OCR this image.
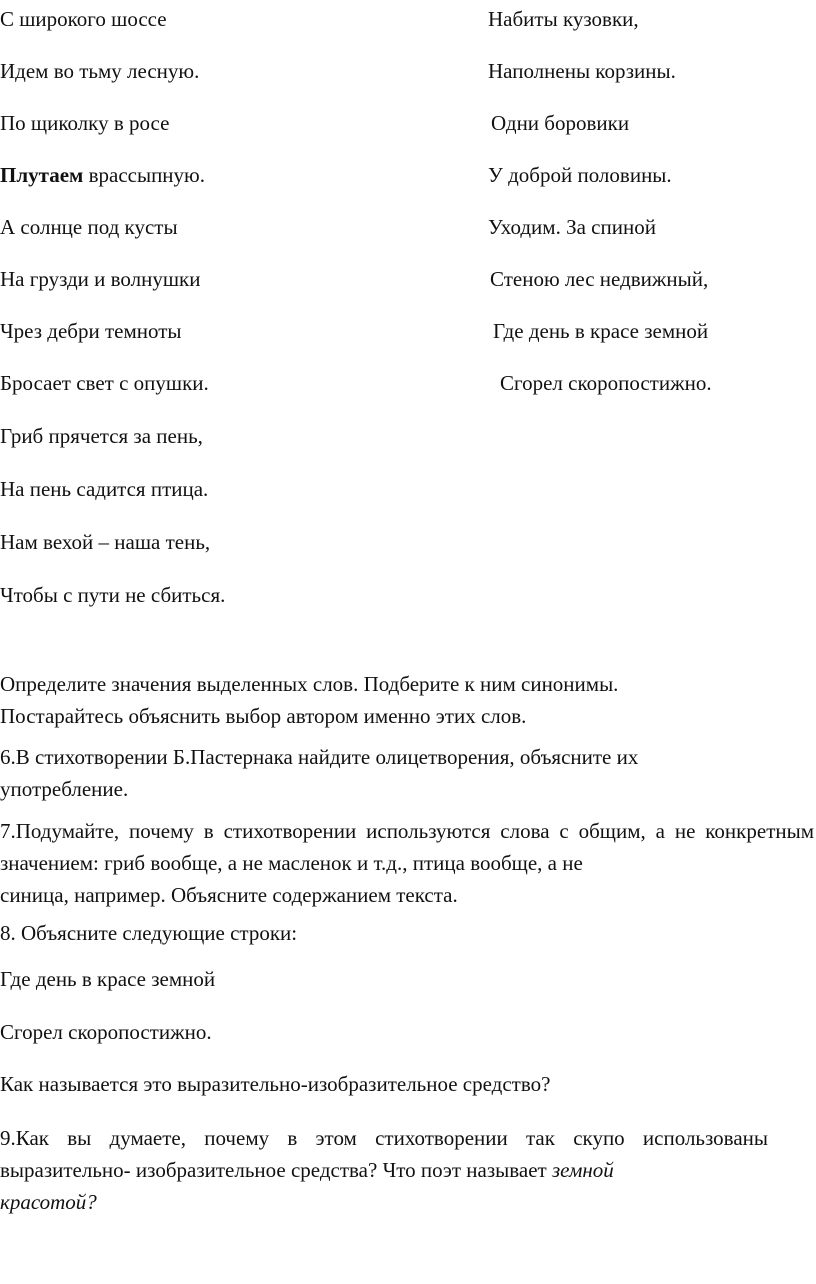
С широкого шоссе
Идем во тьму лесную.
По щиколку в росе
Плутаем врассыпную.
А солнце под кусты
На грузди и волнушки
Чрез дебри темноты
Бросает свет с опушки.
Гриб прячется за пень,
На пень садится птица.
Нам вехой – наша тень,
Чтобы с пути не сбиться.
Набиты кузовки,
Наполнены корзины.
Одни боровики
У доброй половины.
Уходим. За спиной
Стеною лес недвижный,
Где день в красе земной
Сгорел скоропостижно.
Определите значения выделенных слов. Подберите к ним синонимы.
Постарайтесь объяснить выбор автором именно этих слов.
6.В стихотворении Б.Пастернака найдите олицетворения, объясните их
употребление.
7.Подумайте, почему в стихотворении используются слова с общим, а не конкретным значением: гриб вообще, а не масленок и т.д., птица вообще, а не
синица, например. Объясните содержанием текста.
8. Объясните следующие строки:
Где день в красе земной
Сгорел скоропостижно.
Как называется это выразительно-изобразительное средство?
9.Как вы думаете, почему в этом стихотворении так скупо использованы выразительно- изобразительное средства? Что поэт называет земной
красотой?
